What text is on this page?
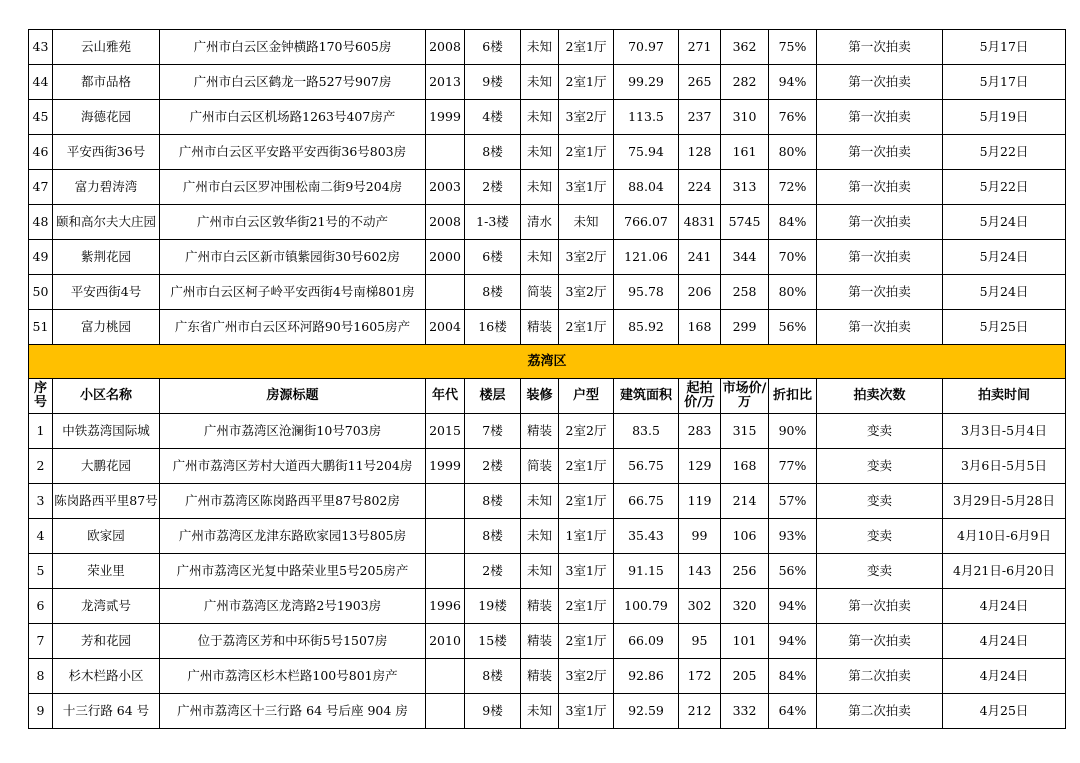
43	云山雅苑	广州市白云区金钟横路170号605房	2008	6楼	未知	2室1厅	70.97	271	362	75%	第一次拍卖	5月17日
44	都市品格	广州市白云区鹤龙一路527号907房	2013	9楼	未知	2室1厅	99.29	265	282	94%	第一次拍卖	5月17日
45	海德花园	广州市白云区机场路1263号407房产	1999	4楼	未知	3室2厅	113.5	237	310	76%	第一次拍卖	5月19日
46	平安西街36号	广州市白云区平安路平安西街36号803房		8楼	未知	2室1厅	75.94	128	161	80%	第一次拍卖	5月22日
47	富力碧涛湾	广州市白云区罗冲围松南二街9号204房	2003	2楼	未知	3室1厅	88.04	224	313	72%	第一次拍卖	5月22日
48	颐和高尔夫大庄园	广州市白云区敦华街21号的不动产	2008	1-3楼	清水	未知	766.07	4831	5745	84%	第一次拍卖	5月24日
49	紫荆花园	广州市白云区新市镇紫园街30号602房	2000	6楼	未知	3室2厅	121.06	241	344	70%	第一次拍卖	5月24日
50	平安西街4号	广州市白云区柯子岭平安西街4号南梯801房		8楼	简装	3室2厅	95.78	206	258	80%	第一次拍卖	5月24日
51	富力桃园	广东省广州市白云区环河路90号1605房产	2004	16楼	精装	2室1厅	85.92	168	299	56%	第一次拍卖	5月25日
荔湾区												
序号	小区名称	房源标题	年代	楼层	装修	户型	建筑面积	起拍价/万	市场价/万	折扣比	拍卖次数	拍卖时间
1	中铁荔湾国际城	广州市荔湾区沧澜街10号703房	2015	7楼	精装	2室2厅	83.5	283	315	90%	变卖	3月3日-5月4日
2	大鹏花园	广州市荔湾区芳村大道西大鹏街11号204房	1999	2楼	简装	2室1厅	56.75	129	168	77%	变卖	3月6日-5月5日
3	陈岗路西平里87号	广州市荔湾区陈岗路西平里87号802房		8楼	未知	2室1厅	66.75	119	214	57%	变卖	3月29日-5月28日
4	欧家园	广州市荔湾区龙津东路欧家园13号805房		8楼	未知	1室1厅	35.43	99	106	93%	变卖	4月10日-6月9日
5	荣业里	广州市荔湾区光复中路荣业里5号205房产		2楼	未知	3室1厅	91.15	143	256	56%	变卖	4月21日-6月20日
6	龙湾贰号	广州市荔湾区龙湾路2号1903房	1996	19楼	精装	2室1厅	100.79	302	320	94%	第一次拍卖	4月24日
7	芳和花园	位于荔湾区芳和中环街5号1507房	2010	15楼	精装	2室1厅	66.09	95	101	94%	第一次拍卖	4月24日
8	杉木栏路小区	广州市荔湾区杉木栏路100号801房产		8楼	精装	3室2厅	92.86	172	205	84%	第二次拍卖	4月24日
9	十三行路 64 号	广州市荔湾区十三行路 64 号后座 904 房		9楼	未知	3室1厅	92.59	212	332	64%	第二次拍卖	4月25日
